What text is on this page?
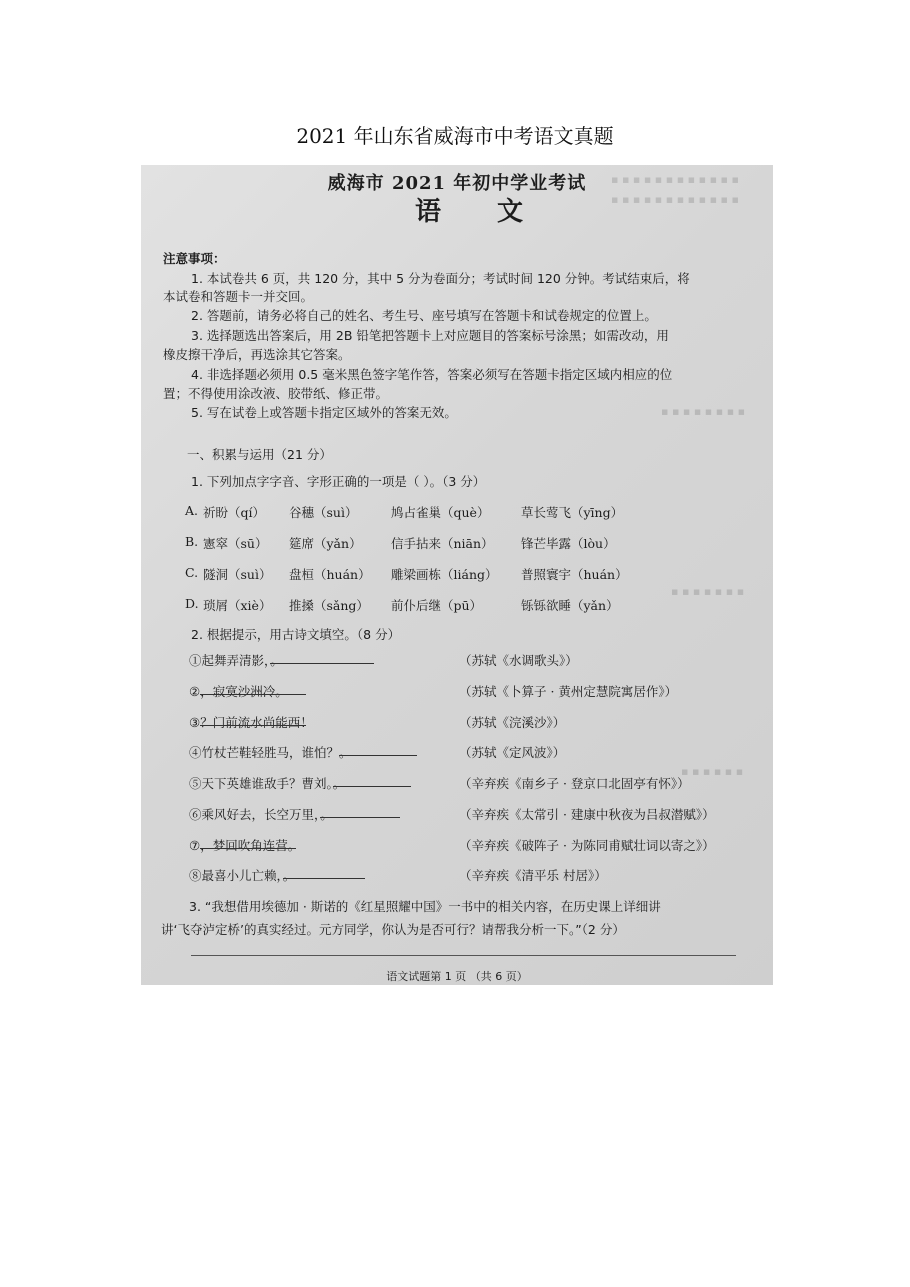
2021 年山东省威海市中考语文真题
▪ ▪ ▪ ▪ ▪ ▪ ▪ ▪ ▪ ▪ ▪ ▪
▪ ▪ ▪ ▪ ▪ ▪ ▪ ▪ ▪ ▪ ▪ ▪
▪ ▪ ▪ ▪ ▪ ▪ ▪ ▪
▪ ▪ ▪ ▪ ▪ ▪ ▪
▪ ▪ ▪ ▪ ▪ ▪
威海市 2021 年初中学业考试
语文
注意事项：
1. 本试卷共 6 页，共 120 分，其中 5 分为卷面分；考试时间 120 分钟。考试结束后，将
本试卷和答题卡一并交回。
2. 答题前，请务必将自己的姓名、考生号、座号填写在答题卡和试卷规定的位置上。
3. 选择题选出答案后，用 2B 铅笔把答题卡上对应题目的答案标号涂黑；如需改动，用
橡皮擦干净后，再选涂其它答案。
4. 非选择题必须用 0.5 毫米黑色签字笔作答，答案必须写在答题卡指定区域内相应的位
置；不得使用涂改液、胶带纸、修正带。
5. 写在试卷上或答题卡指定区域外的答案无效。
一、积累与运用（21 分）
1. 下列加点字字音、字形正确的一项是（ ）。（3 分）
A. 祈盼（qí） 谷穗（suì）	鸠占雀巢（què）	草长莺飞（yīng）
B. 憲窣（sū） 筵席（yǎn） 信手拈来（niān） 锋芒毕露（lòu）
C. 隧洞（suì） 盘桓（huán） 雕梁画栋（liáng） 普照寰宇（huán）
D. 琐屑（xiè） 推搡（sǎng） 前仆后继（pū）	铄铄欲睡（yǎn）
2. 根据提示，用古诗文填空。（8 分）
①起舞弄清影，
。	（苏轼《水调歌头》）
②
，寂寞沙洲冷。	（苏轼《卜算子 · 黄州定慧院寓居作》）
③
？门前流水尚能西！	（苏轼《浣溪沙》）
④竹杖芒鞋轻胜马，谁怕？
。	（苏轼《定风波》）
⑤天下英雄谁敌手？曹刘。
。	（辛弃疾《南乡子 · 登京口北固亭有怀》）
⑥乘风好去，长空万里，
。	（辛弃疾《太常引 · 建康中秋夜为吕叔潜赋》）
⑦
，梦回吹角连营。	（辛弃疾《破阵子 · 为陈同甫赋壮词以寄之》）
⑧最喜小儿亡赖，
。	（辛弃疾《清平乐 村居》）
3. “我想借用埃德加 · 斯诺的《红星照耀中国》一书中的相关内容，在历史课上详细讲
讲‘飞夺泸定桥’的真实经过。元方同学，你认为是否可行？请帮我分析一下。”（2 分）
语文试题第 1 页 （共 6 页）
